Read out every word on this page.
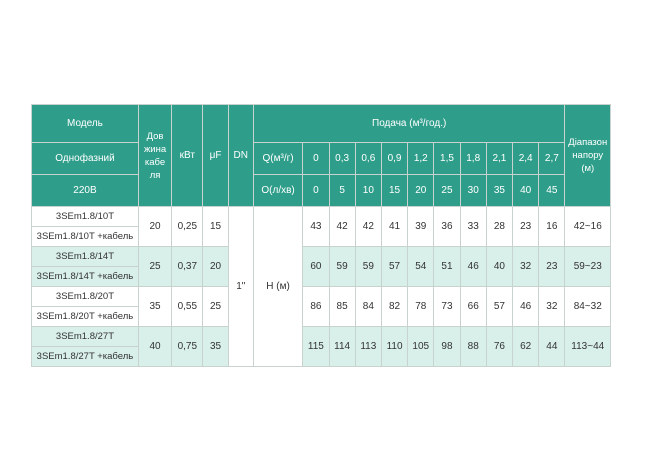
Модель	Дов жина кабе ля	кВт	μF	DN	Подача (м³/год.)											Діапазон напору (м)
Однофазний					Q(м³/г)	0	0,3	0,6	0,9	1,2	1,5	1,8	2,1	2,4	2,7	
220В					O(л/хв)	0	5	10	15	20	25	30	35	40	45	
3SEm1.8/10T	20	0,25	15	1"	H (м)	43	42	42	41	39	36	33	28	23	16	42~16
3SEm1.8/10T +кабель																
3SEm1.8/14T	25	0,37	20			60	59	59	57	54	51	46	40	32	23	59~23
3SEm1.8/14T +кабель																
3SEm1.8/20T	35	0,55	25			86	85	84	82	78	73	66	57	46	32	84~32
3SEm1.8/20T +кабель																
3SEm1.8/27T	40	0,75	35			115	114	113	110	105	98	88	76	62	44	113~44
3SEm1.8/27T +кабель																
